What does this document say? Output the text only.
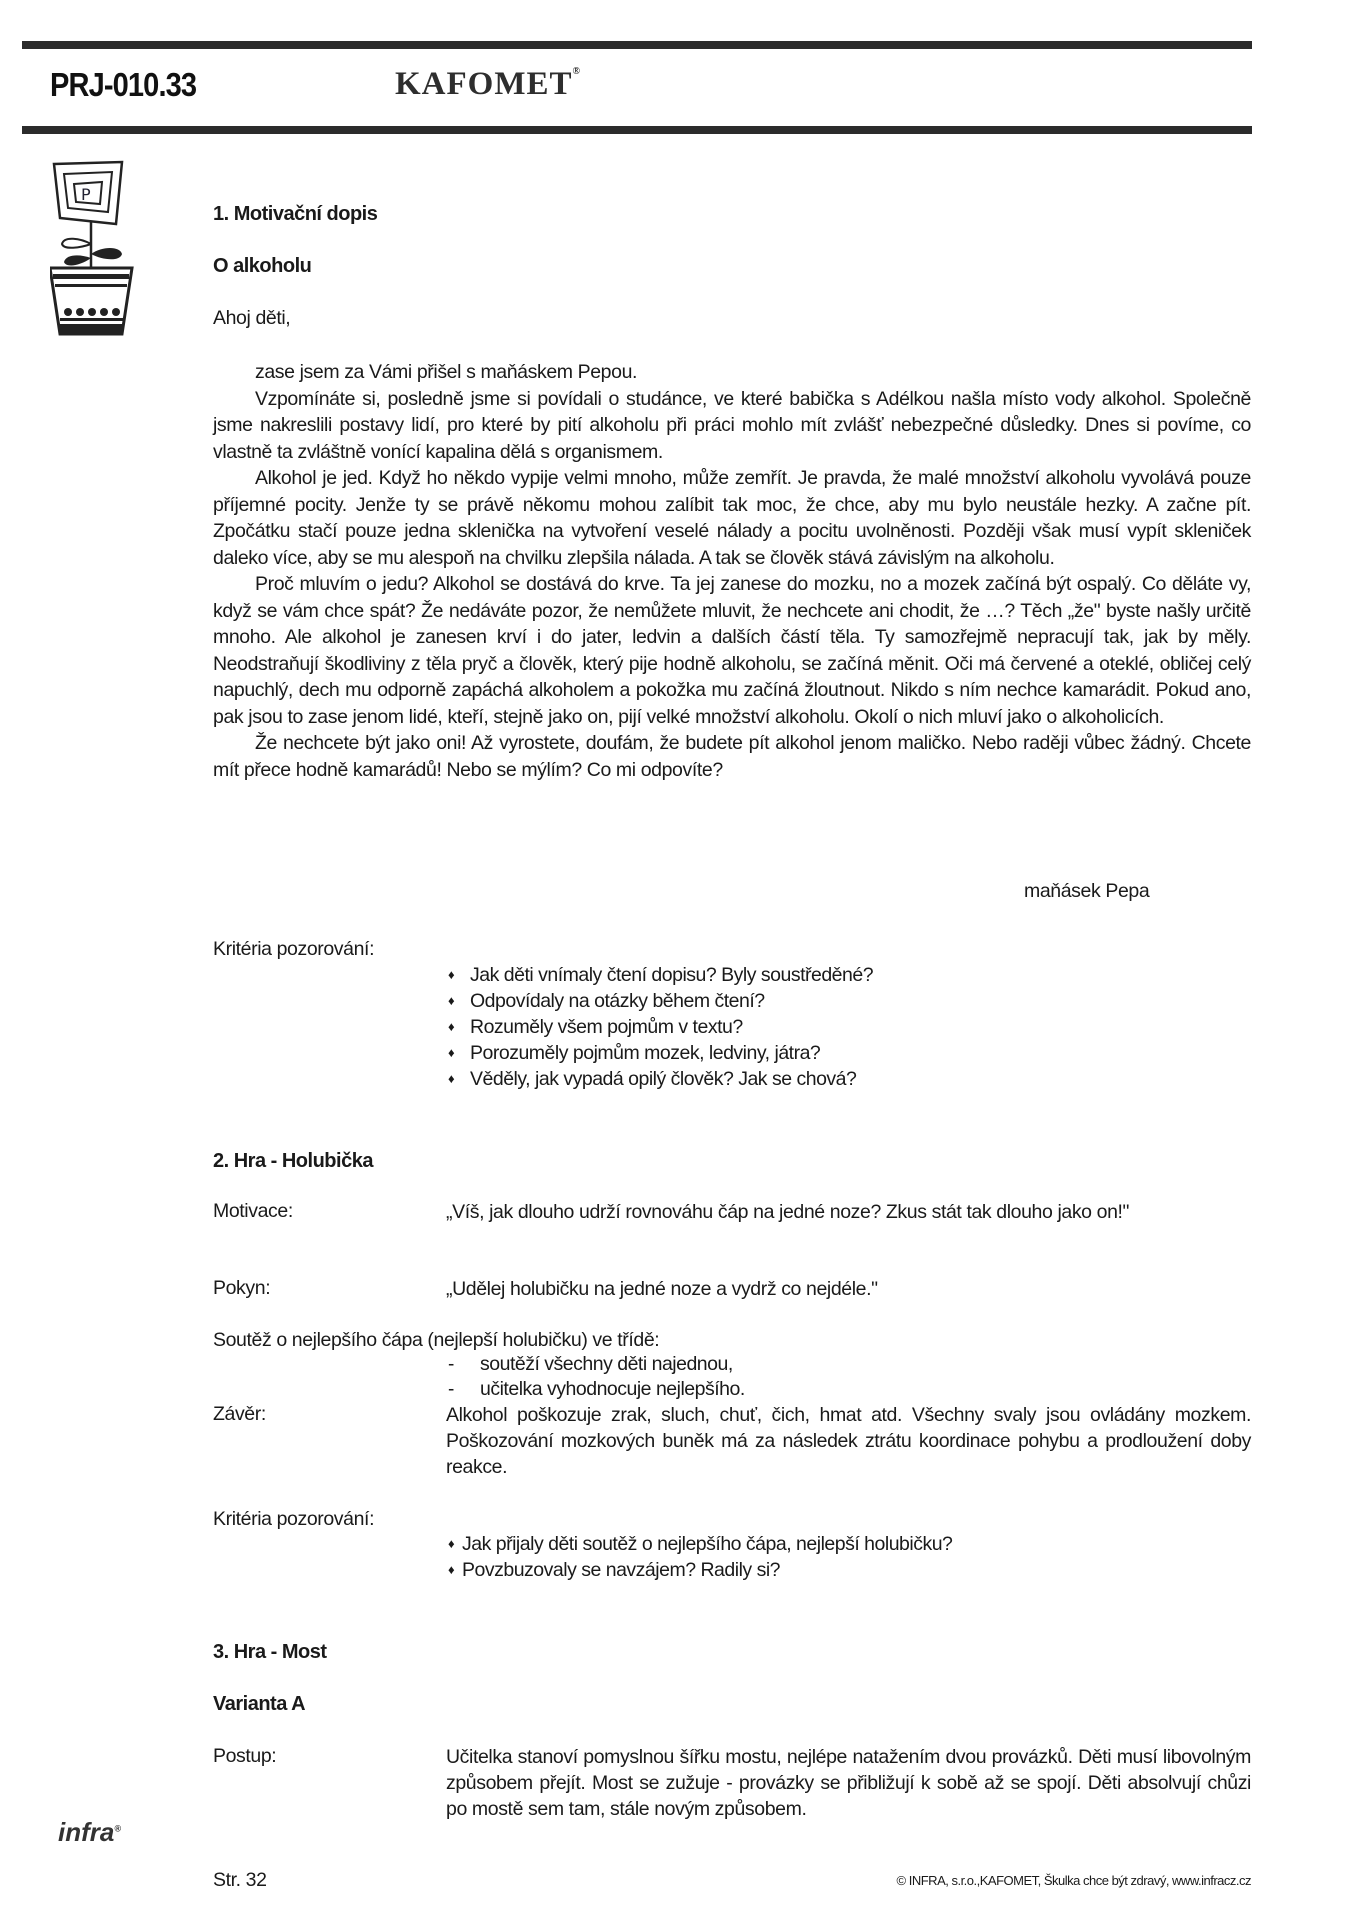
PRJ-010.33	KAFOMET®
P
1. Motivační dopis
O alkoholu
Ahoj děti,

zase jsem za Vámi přišel s maňáskem Pepou.

Vzpomínáte si, posledně jsme si povídali o studánce, ve které babička s Adélkou našla místo vody alkohol. Společně jsme nakreslili postavy lidí, pro které by pití alkoholu při práci mohlo mít zvlášť nebezpečné důsledky. Dnes si povíme, co vlastně ta zvláštně vonící kapalina dělá s organismem.

Alkohol je jed. Když ho někdo vypije velmi mnoho, může zemřít. Je pravda, že malé množství alkoholu vyvolává pouze příjemné pocity. Jenže ty se právě někomu mohou zalíbit tak moc, že chce, aby mu bylo neustále hezky. A začne pít. Zpočátku stačí pouze jedna sklenička na vytvoření veselé nálady a pocitu uvolněnosti. Později však musí vypít skleniček daleko více, aby se mu alespoň na chvilku zlepšila nálada. A tak se člověk stává závislým na alkoholu.

Proč mluvím o jedu? Alkohol se dostává do krve. Ta jej zanese do mozku, no a mozek začíná být ospalý. Co děláte vy, když se vám chce spát? Že nedáváte pozor, že nemůžete mluvit, že nechcete ani chodit, že …? Těch „že" byste našly určitě mnoho. Ale alkohol je zanesen krví i do jater, ledvin a dalších částí těla. Ty samozřejmě nepracují tak, jak by měly. Neodstraňují škodliviny z těla pryč a člověk, který pije hodně alkoholu, se začíná měnit. Oči má červené a oteklé, obličej celý napuchlý, dech mu odporně zapáchá alkoholem a pokožka mu začíná žloutnout. Nikdo s ním nechce kamarádit. Pokud ano, pak jsou to zase jenom lidé, kteří, stejně jako on, pijí velké množství alkoholu. Okolí o nich mluví jako o alkoholicích.

Že nechcete být jako oni! Až vyrostete, doufám, že budete pít alkohol jenom maličko. Nebo raději vůbec žádný. Chcete mít přece hodně kamarádů! Nebo se mýlím? Co mi odpovíte?

maňásek Pepa
Kritéria pozorování:
♦ Jak děti vnímaly čtení dopisu? Byly soustředěné?
♦ Odpovídaly na otázky během čtení?
♦ Rozuměly všem pojmům v textu?
♦ Porozuměly pojmům mozek, ledviny, játra?
♦ Věděly, jak vypadá opilý člověk? Jak se chová?
2. Hra - Holubička
Motivace:	„Víš, jak dlouho udrží rovnováhu čáp na jedné noze? Zkus stát tak dlouho jako on!"
Pokyn:	„Udělej holubičku na jedné noze a vydrž co nejdéle."
Soutěž o nejlepšího čápa (nejlepší holubičku) ve třídě:
- soutěží všechny děti najednou,
- učitelka vyhodnocuje nejlepšího.
Závěr:	Alkohol poškozuje zrak, sluch, chuť, čich, hmat atd. Všechny svaly jsou ovládány mozkem. Poškozování mozkových buněk má za následek ztrátu koordinace pohybu a prodloužení doby reakce.
Kritéria pozorování:
♦ Jak přijaly děti soutěž o nejlepšího čápa, nejlepší holubičku?
♦ Povzbuzovaly se navzájem? Radily si?
3. Hra - Most
Varianta A
Postup:	Učitelka stanoví pomyslnou šířku mostu, nejlépe natažením dvou provázků. Děti musí libovolným způsobem přejít. Most se zužuje - provázky se přibližují k sobě až se spojí. Děti absolvují chůzi po mostě sem tam, stále novým způsobem.
infra®
Str. 32	© INFRA, s.r.o.,KAFOMET, Škulka chce být zdravý, www.infracz.cz
